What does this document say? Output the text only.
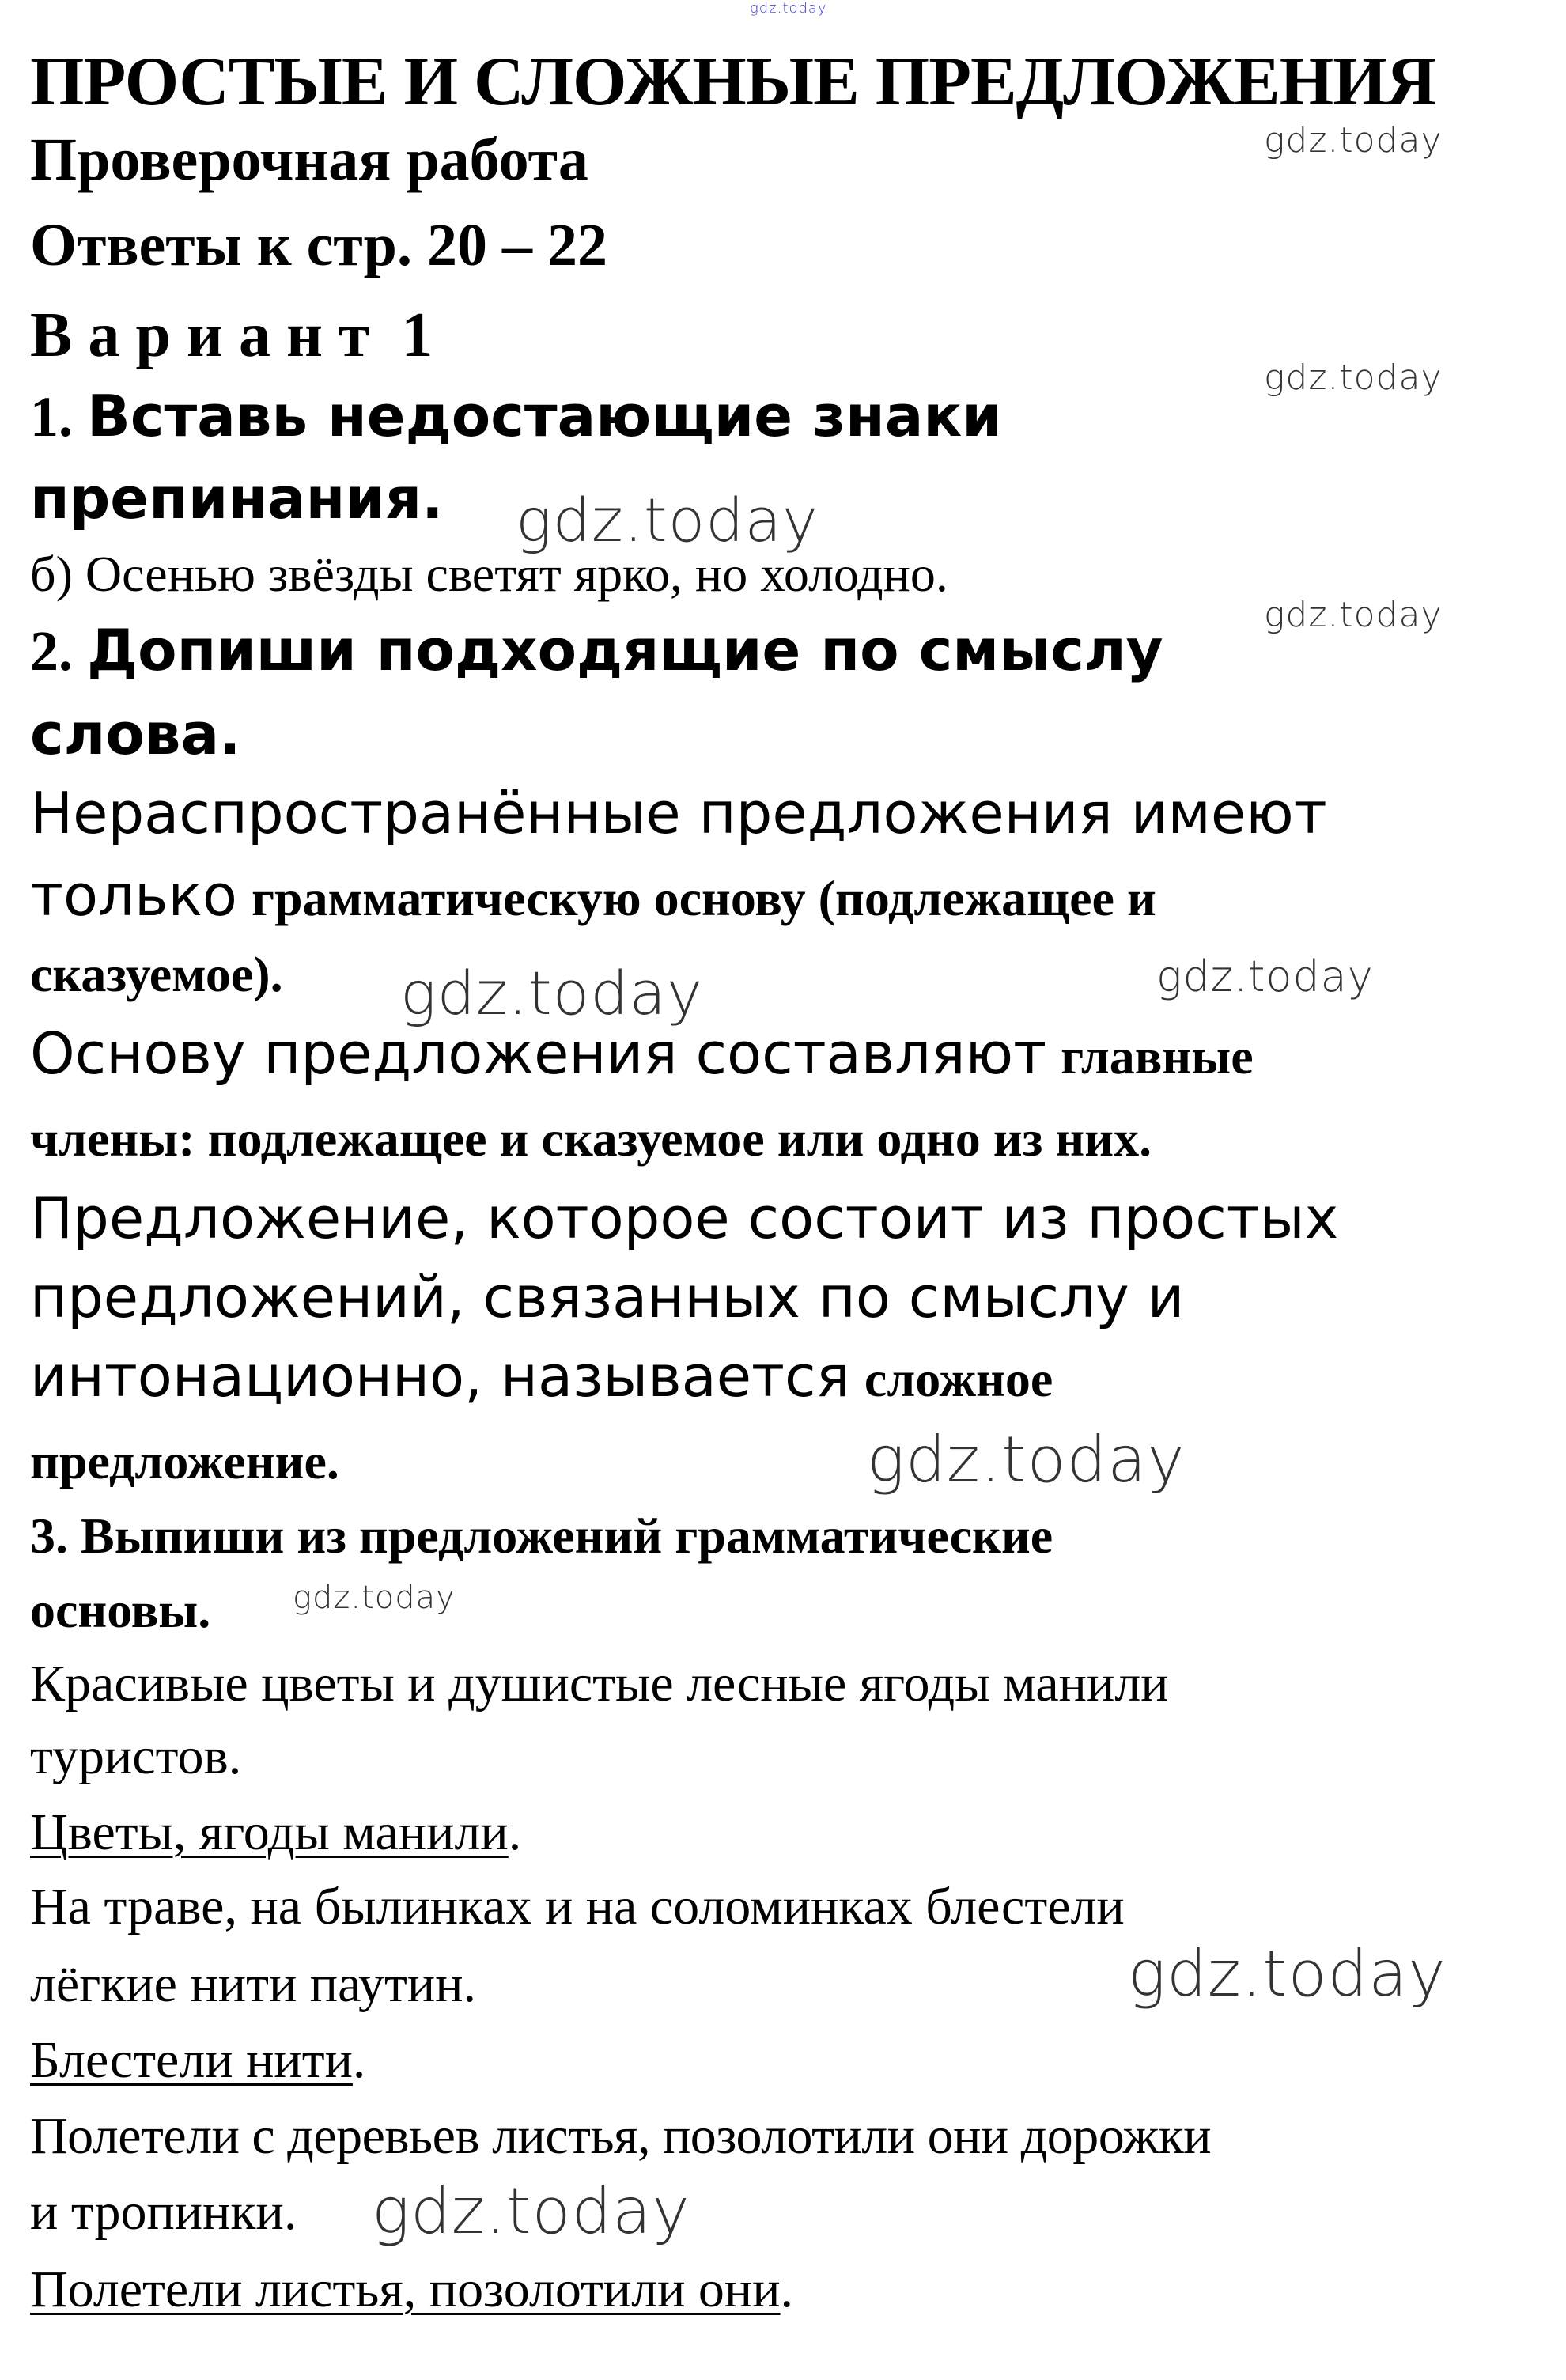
gdz.today
ПРОСТЫЕ И СЛОЖНЫЕ ПРЕДЛОЖЕНИЯ
Проверочная работа
Ответы к стр. 20 – 22
В а р и а н т  1
1. Вставь недостающие знаки
препинания.
б) Осенью звёзды светят ярко, но холодно.
2. Допиши подходящие по смыслу
слова.
Нераспространённые предложения имеют
только грамматическую основу (подлежащее и
сказуемое).
Основу предложения составляют главные
члены: подлежащее и сказуемое или одно из них.
Предложение, которое состоит из простых
предложений, связанных по смыслу и
интонационно, называется сложное
предложение.
3. Выпиши из предложений грамматические
основы.
Красивые цветы и душистые лесные ягоды манили
туристов.
Цветы, ягоды манили.
На траве, на былинках и на соломинках блестели
лёгкие нити паутин.
Блестели нити.
Полетели с деревьев листья, позолотили они дорожки
и тропинки.
Полетели листья, позолотили они.
gdz.today
gdz.today
gdz.today
gdz.today
gdz.today
gdz.today
gdz.today
gdz.today
gdz.today
gdz.today
